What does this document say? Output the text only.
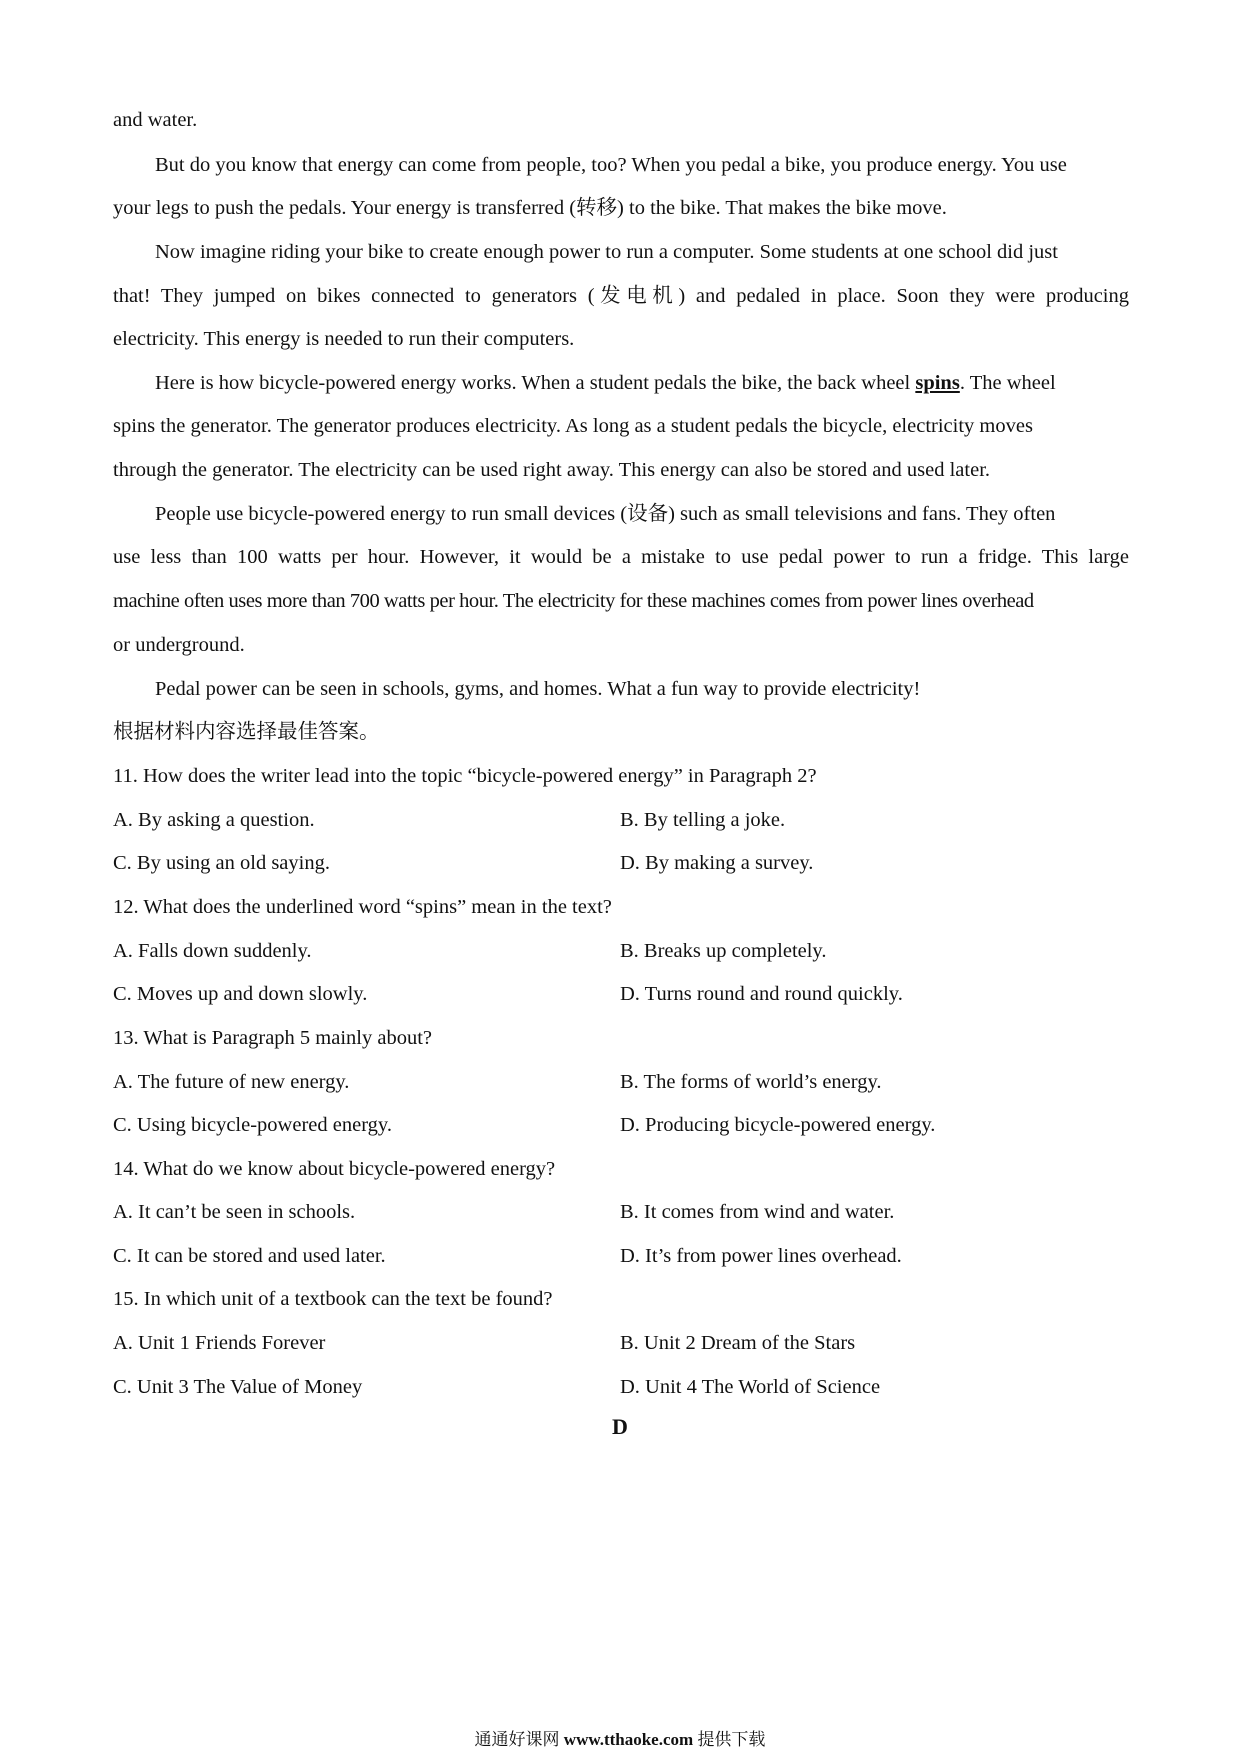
and water.
But do you know that energy can come from people, too? When you pedal a bike, you produce energy. You use
your legs to push the pedals. Your energy is transferred (转移) to the bike. That makes the bike move.
Now imagine riding your bike to create enough power to run a computer. Some students at one school did just
that! They jumped on bikes connected to generators (发电机) and pedaled in place. Soon they were producing
electricity. This energy is needed to run their computers.
Here is how bicycle-powered energy works. When a student pedals the bike, the back wheel spins. The wheel
spins the generator. The generator produces electricity. As long as a student pedals the bicycle, electricity moves
through the generator. The electricity can be used right away. This energy can also be stored and used later.
People use bicycle-powered energy to run small devices (设备) such as small televisions and fans. They often
use less than 100 watts per hour. However, it would be a mistake to use pedal power to run a fridge. This large
machine often uses more than 700 watts per hour. The electricity for these machines comes from power lines overhead
or underground.
Pedal power can be seen in schools, gyms, and homes. What a fun way to provide electricity!
根据材料内容选择最佳答案。
11. How does the writer lead into the topic “bicycle-powered energy” in Paragraph 2?
A. By asking a question.	B. By telling a joke.
C. By using an old saying.	D. By making a survey.
12. What does the underlined word “spins” mean in the text?
A. Falls down suddenly.	B. Breaks up completely.
C. Moves up and down slowly.	D. Turns round and round quickly.
13. What is Paragraph 5 mainly about?
A. The future of new energy.	B. The forms of world’s energy.
C. Using bicycle-powered energy.	D. Producing bicycle-powered energy.
14. What do we know about bicycle-powered energy?
A. It can’t be seen in schools.	B. It comes from wind and water.
C. It can be stored and used later.	D. It’s from power lines overhead.
15. In which unit of a textbook can the text be found?
A. Unit 1 Friends Forever	B. Unit 2 Dream of the Stars
C. Unit 3 The Value of Money	D. Unit 4 The World of Science
D
通通好课网 www.tthaoke.com 提供下载
